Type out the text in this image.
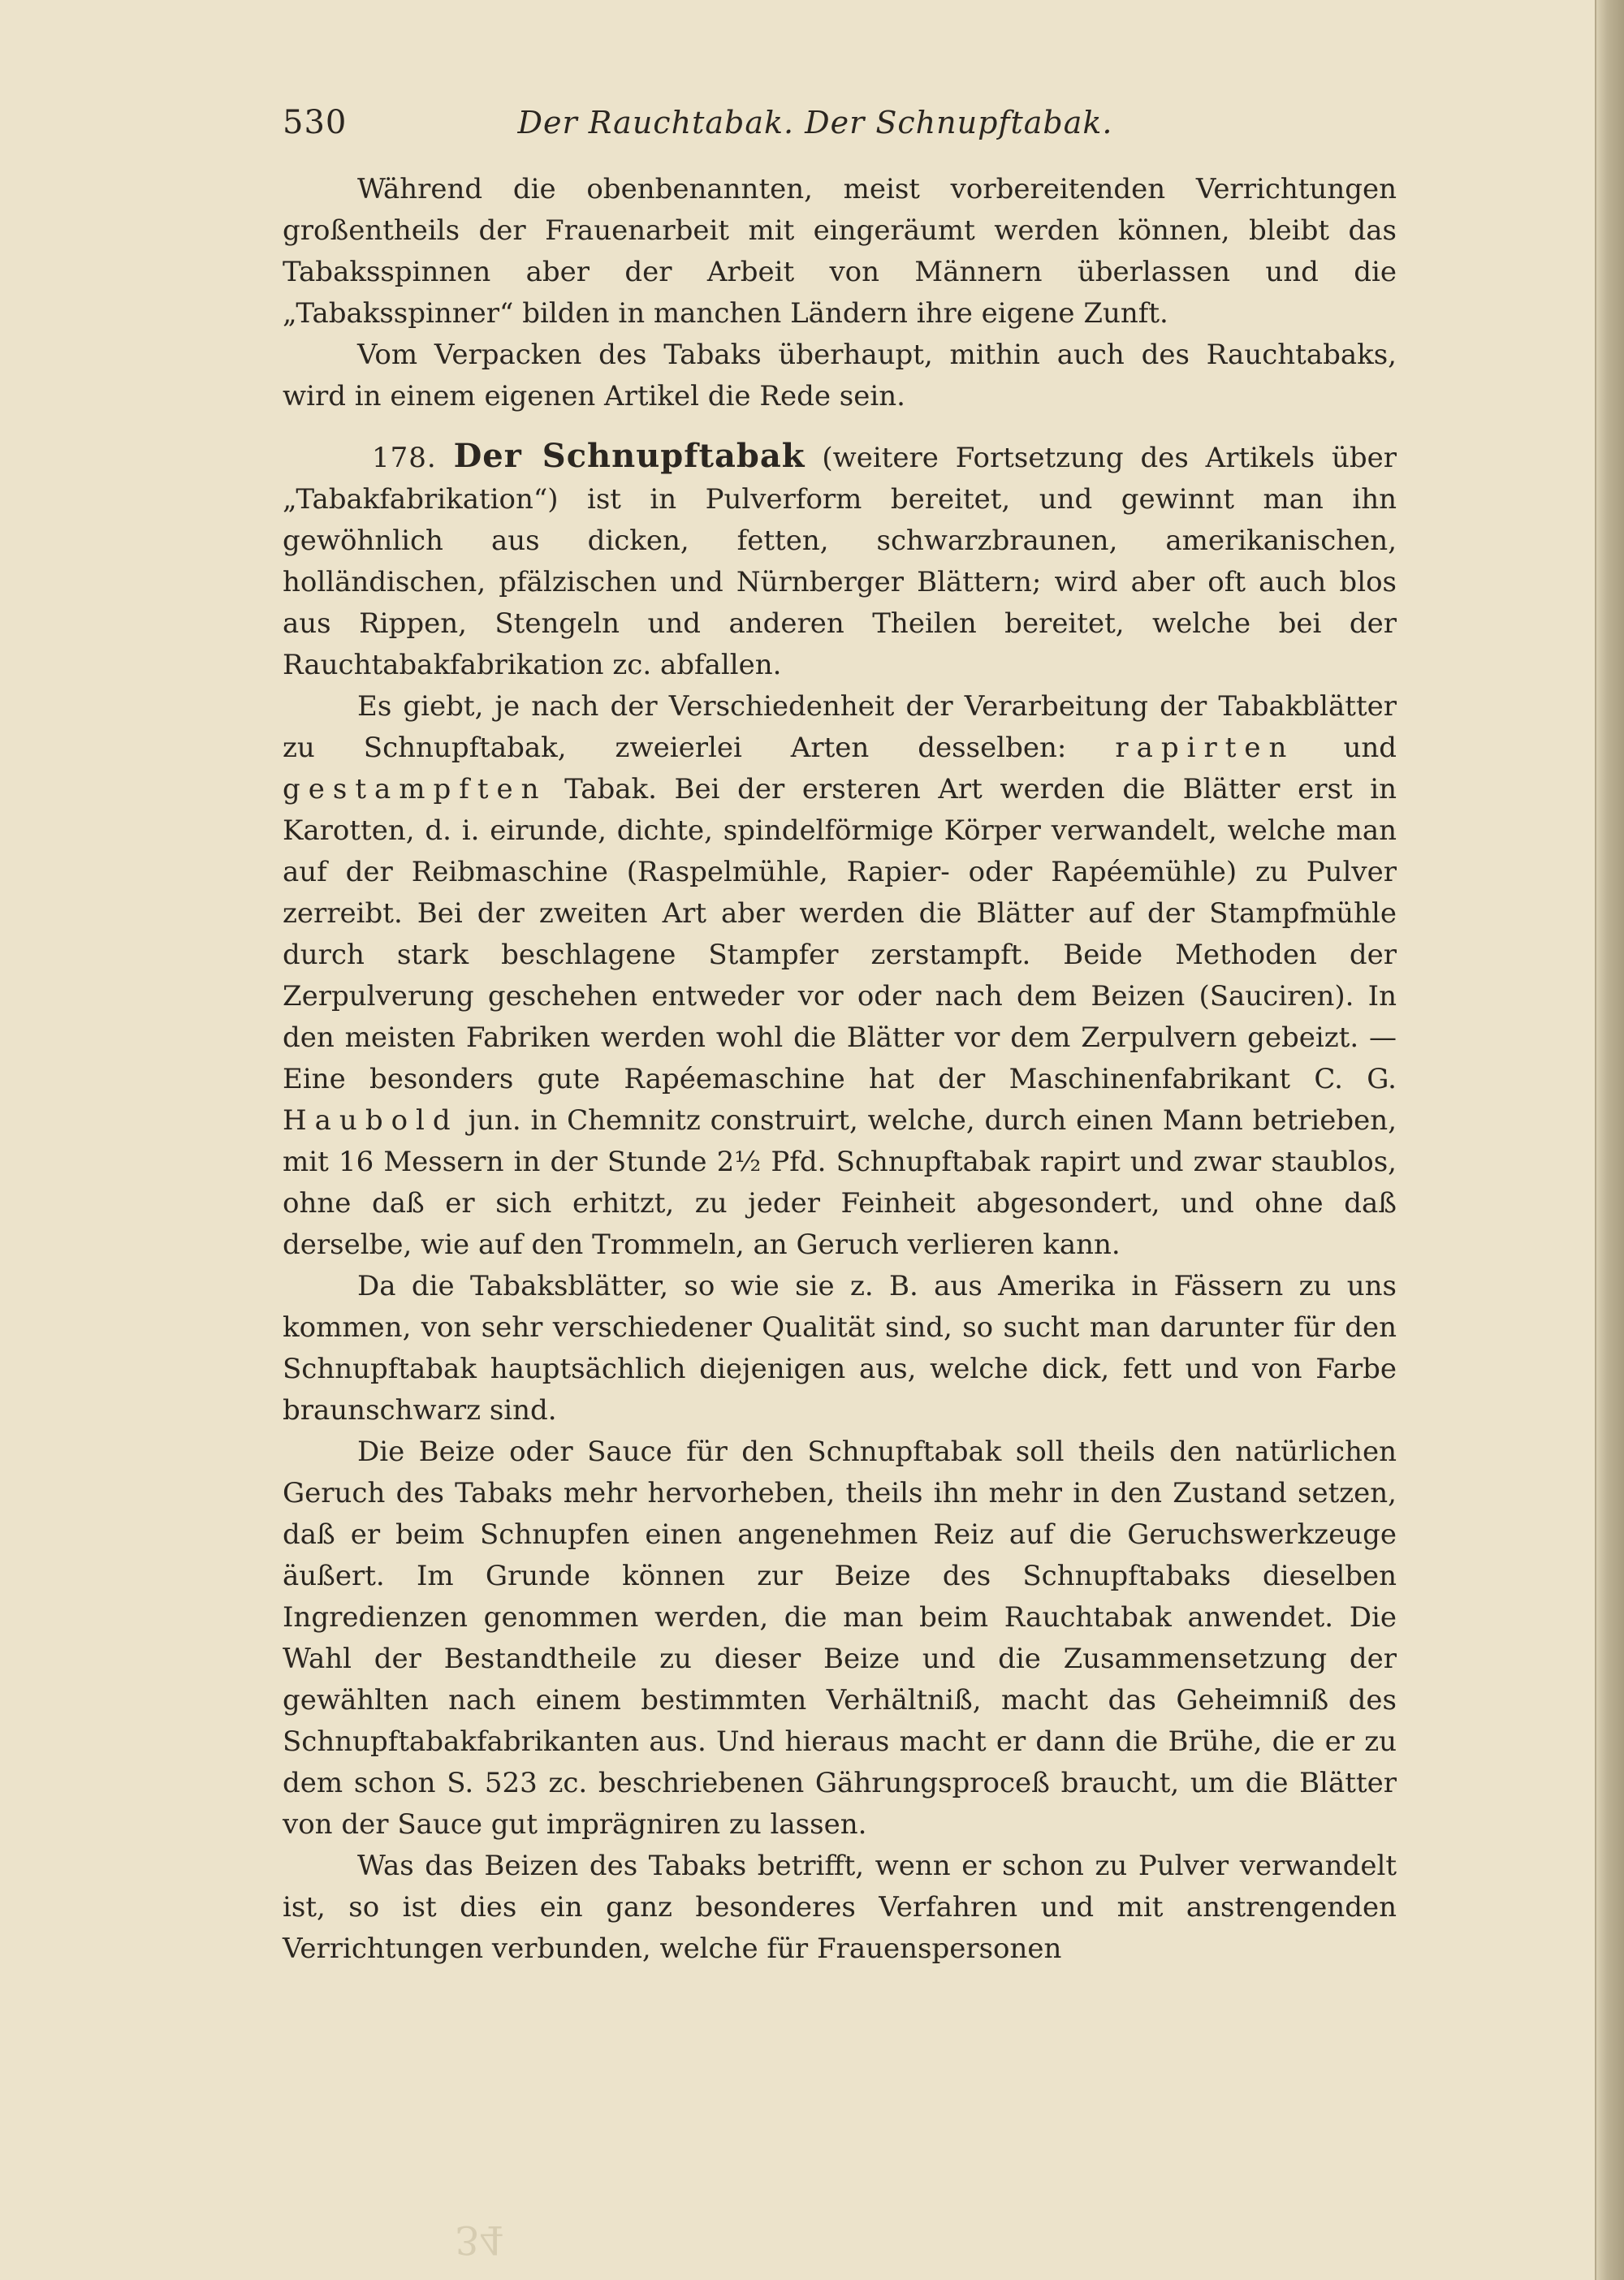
530	Der Rauchtabak. Der Schnupftabak.

Während die obenbenannten, meist vorbereitenden Verrichtungen großentheils der Frauenarbeit mit eingeräumt werden können, bleibt das Tabaksspinnen aber der Arbeit von Männern überlassen und die „Tabaksspinner“ bilden in manchen Ländern ihre eigene Zunft.

Vom Verpacken des Tabaks überhaupt, mithin auch des Rauchtabaks, wird in einem eigenen Artikel die Rede sein.

178. Der Schnupftabak (weitere Fortsetzung des Artikels über „Tabakfabrikation“) ist in Pulverform bereitet, und gewinnt man ihn gewöhnlich aus dicken, fetten, schwarzbraunen, amerikanischen, holländischen, pfälzischen und Nürnberger Blättern; wird aber oft auch blos aus Rippen, Stengeln und anderen Theilen bereitet, welche bei der Rauchtabakfabrikation zc. abfallen.

Es giebt, je nach der Verschiedenheit der Verarbeitung der Tabakblätter zu Schnupftabak, zweierlei Arten desselben: rapirten und gestampften Tabak. Bei der ersteren Art werden die Blätter erst in Karotten, d. i. eirunde, dichte, spindelförmige Körper verwandelt, welche man auf der Reibmaschine (Raspelmühle, Rapier- oder Rapéemühle) zu Pulver zerreibt. Bei der zweiten Art aber werden die Blätter auf der Stampfmühle durch stark beschlagene Stampfer zerstampft. Beide Methoden der Zerpulverung geschehen entweder vor oder nach dem Beizen (Sauciren). In den meisten Fabriken werden wohl die Blätter vor dem Zerpulvern gebeizt. — Eine besonders gute Rapéemaschine hat der Maschinenfabrikant C. G. Haubold jun. in Chemnitz construirt, welche, durch einen Mann betrieben, mit 16 Messern in der Stunde 2½ Pfd. Schnupftabak rapirt und zwar staublos, ohne daß er sich erhitzt, zu jeder Feinheit abgesondert, und ohne daß derselbe, wie auf den Trommeln, an Geruch verlieren kann.

Da die Tabaksblätter, so wie sie z. B. aus Amerika in Fässern zu uns kommen, von sehr verschiedener Qualität sind, so sucht man darunter für den Schnupftabak hauptsächlich diejenigen aus, welche dick, fett und von Farbe braunschwarz sind.

Die Beize oder Sauce für den Schnupftabak soll theils den natürlichen Geruch des Tabaks mehr hervorheben, theils ihn mehr in den Zustand setzen, daß er beim Schnupfen einen angenehmen Reiz auf die Geruchswerkzeuge äußert. Im Grunde können zur Beize des Schnupftabaks dieselben Ingredienzen genommen werden, die man beim Rauchtabak anwendet. Die Wahl der Bestandtheile zu dieser Beize und die Zusammensetzung der gewählten nach einem bestimmten Verhältniß, macht das Geheimniß des Schnupftabakfabrikanten aus. Und hieraus macht er dann die Brühe, die er zu dem schon S. 523 zc. beschriebenen Gährungsproceß braucht, um die Blätter von der Sauce gut imprägniren zu lassen.

Was das Beizen des Tabaks betrifft, wenn er schon zu Pulver verwandelt ist, so ist dies ein ganz besonderes Verfahren und mit anstrengenden Verrichtungen verbunden, welche für Frauenspersonen

34
